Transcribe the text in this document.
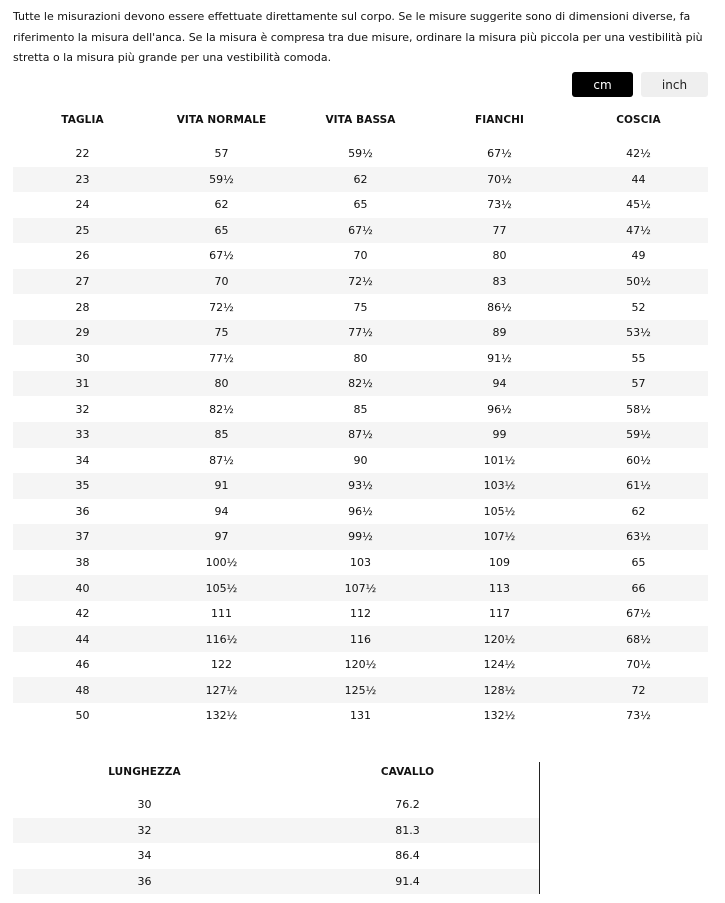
Tutte le misurazioni devono essere effettuate direttamente sul corpo. Se le misure suggerite sono di dimensioni diverse, fa riferimento la misura dell'anca. Se la misura è compresa tra due misure, ordinare la misura più piccola per una vestibilità più stretta o la misura più grande per una vestibilità comoda.

cm	inch
TAGLIA	VITA NORMALE	VITA BASSA	FIANCHI	COSCIA

22	57	59½	67½	42½
23	59½	62	70½	44
24	62	65	73½	45½
25	65	67½	77	47½
26	67½	70	80	49
27	70	72½	83	50½
28	72½	75	86½	52
29	75	77½	89	53½
30	77½	80	91½	55
31	80	82½	94	57
32	82½	85	96½	58½
33	85	87½	99	59½
34	87½	90	101½	60½
35	91	93½	103½	61½
36	94	96½	105½	62
37	97	99½	107½	63½
38	100½	103	109	65
40	105½	107½	113	66
42	111	112	117	67½
44	116½	116	120½	68½
46	122	120½	124½	70½
48	127½	125½	128½	72
50	132½	131	132½	73½
LUNGHEZZA	CAVALLO

30	76.2
32	81.3
34	86.4
36	91.4
